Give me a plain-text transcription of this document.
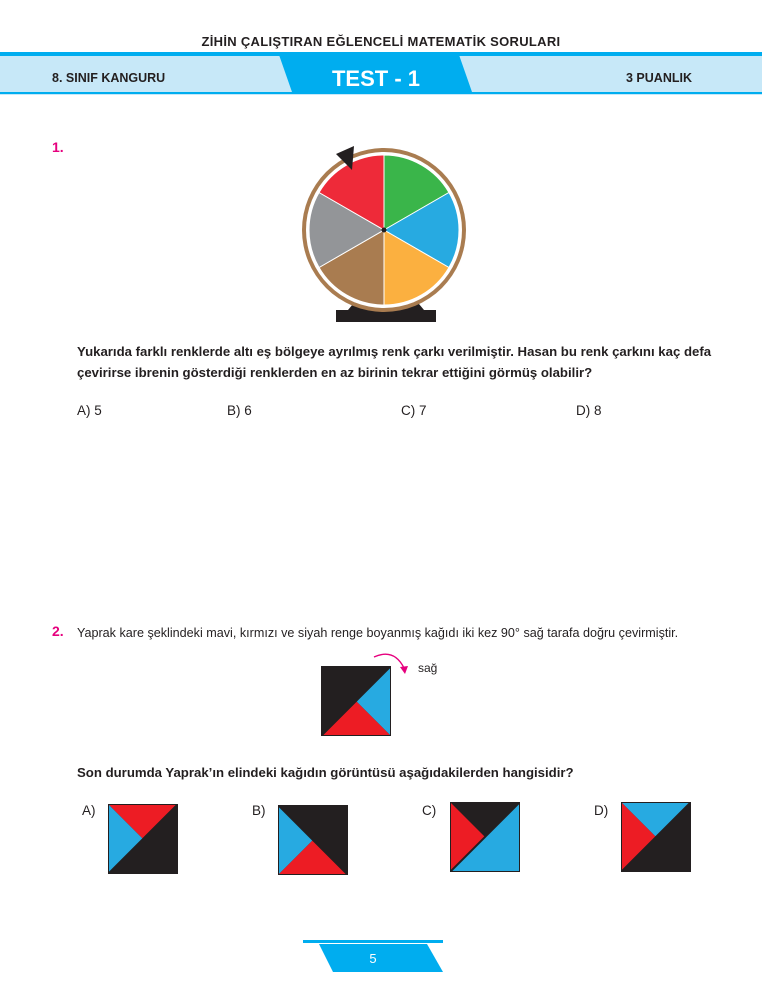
ZİHİN ÇALIŞTIRAN EĞLENCELİ MATEMATİK SORULARI
8. SINIF KANGURU	TEST - 1	3 PUANLIK
1.
Yukarıda farklı renklerde altı eş bölgeye ayrılmış renk çarkı verilmiştir. Hasan bu renk çarkını kaç defa çevirirse ibrenin gösterdiği renklerden en az birinin tekrar ettiğini görmüş olabilir?
A) 5	B) 6	C) 7	D) 8
2. Yaprak kare şeklindeki mavi, kırmızı ve siyah renge boyanmış kağıdı iki kez 90° sağ tarafa doğru çevirmiştir.
sağ
Son durumda Yaprak’ın elindeki kağıdın görüntüsü aşağıdakilerden hangisidir?
A)	B)	C)	D)
5
